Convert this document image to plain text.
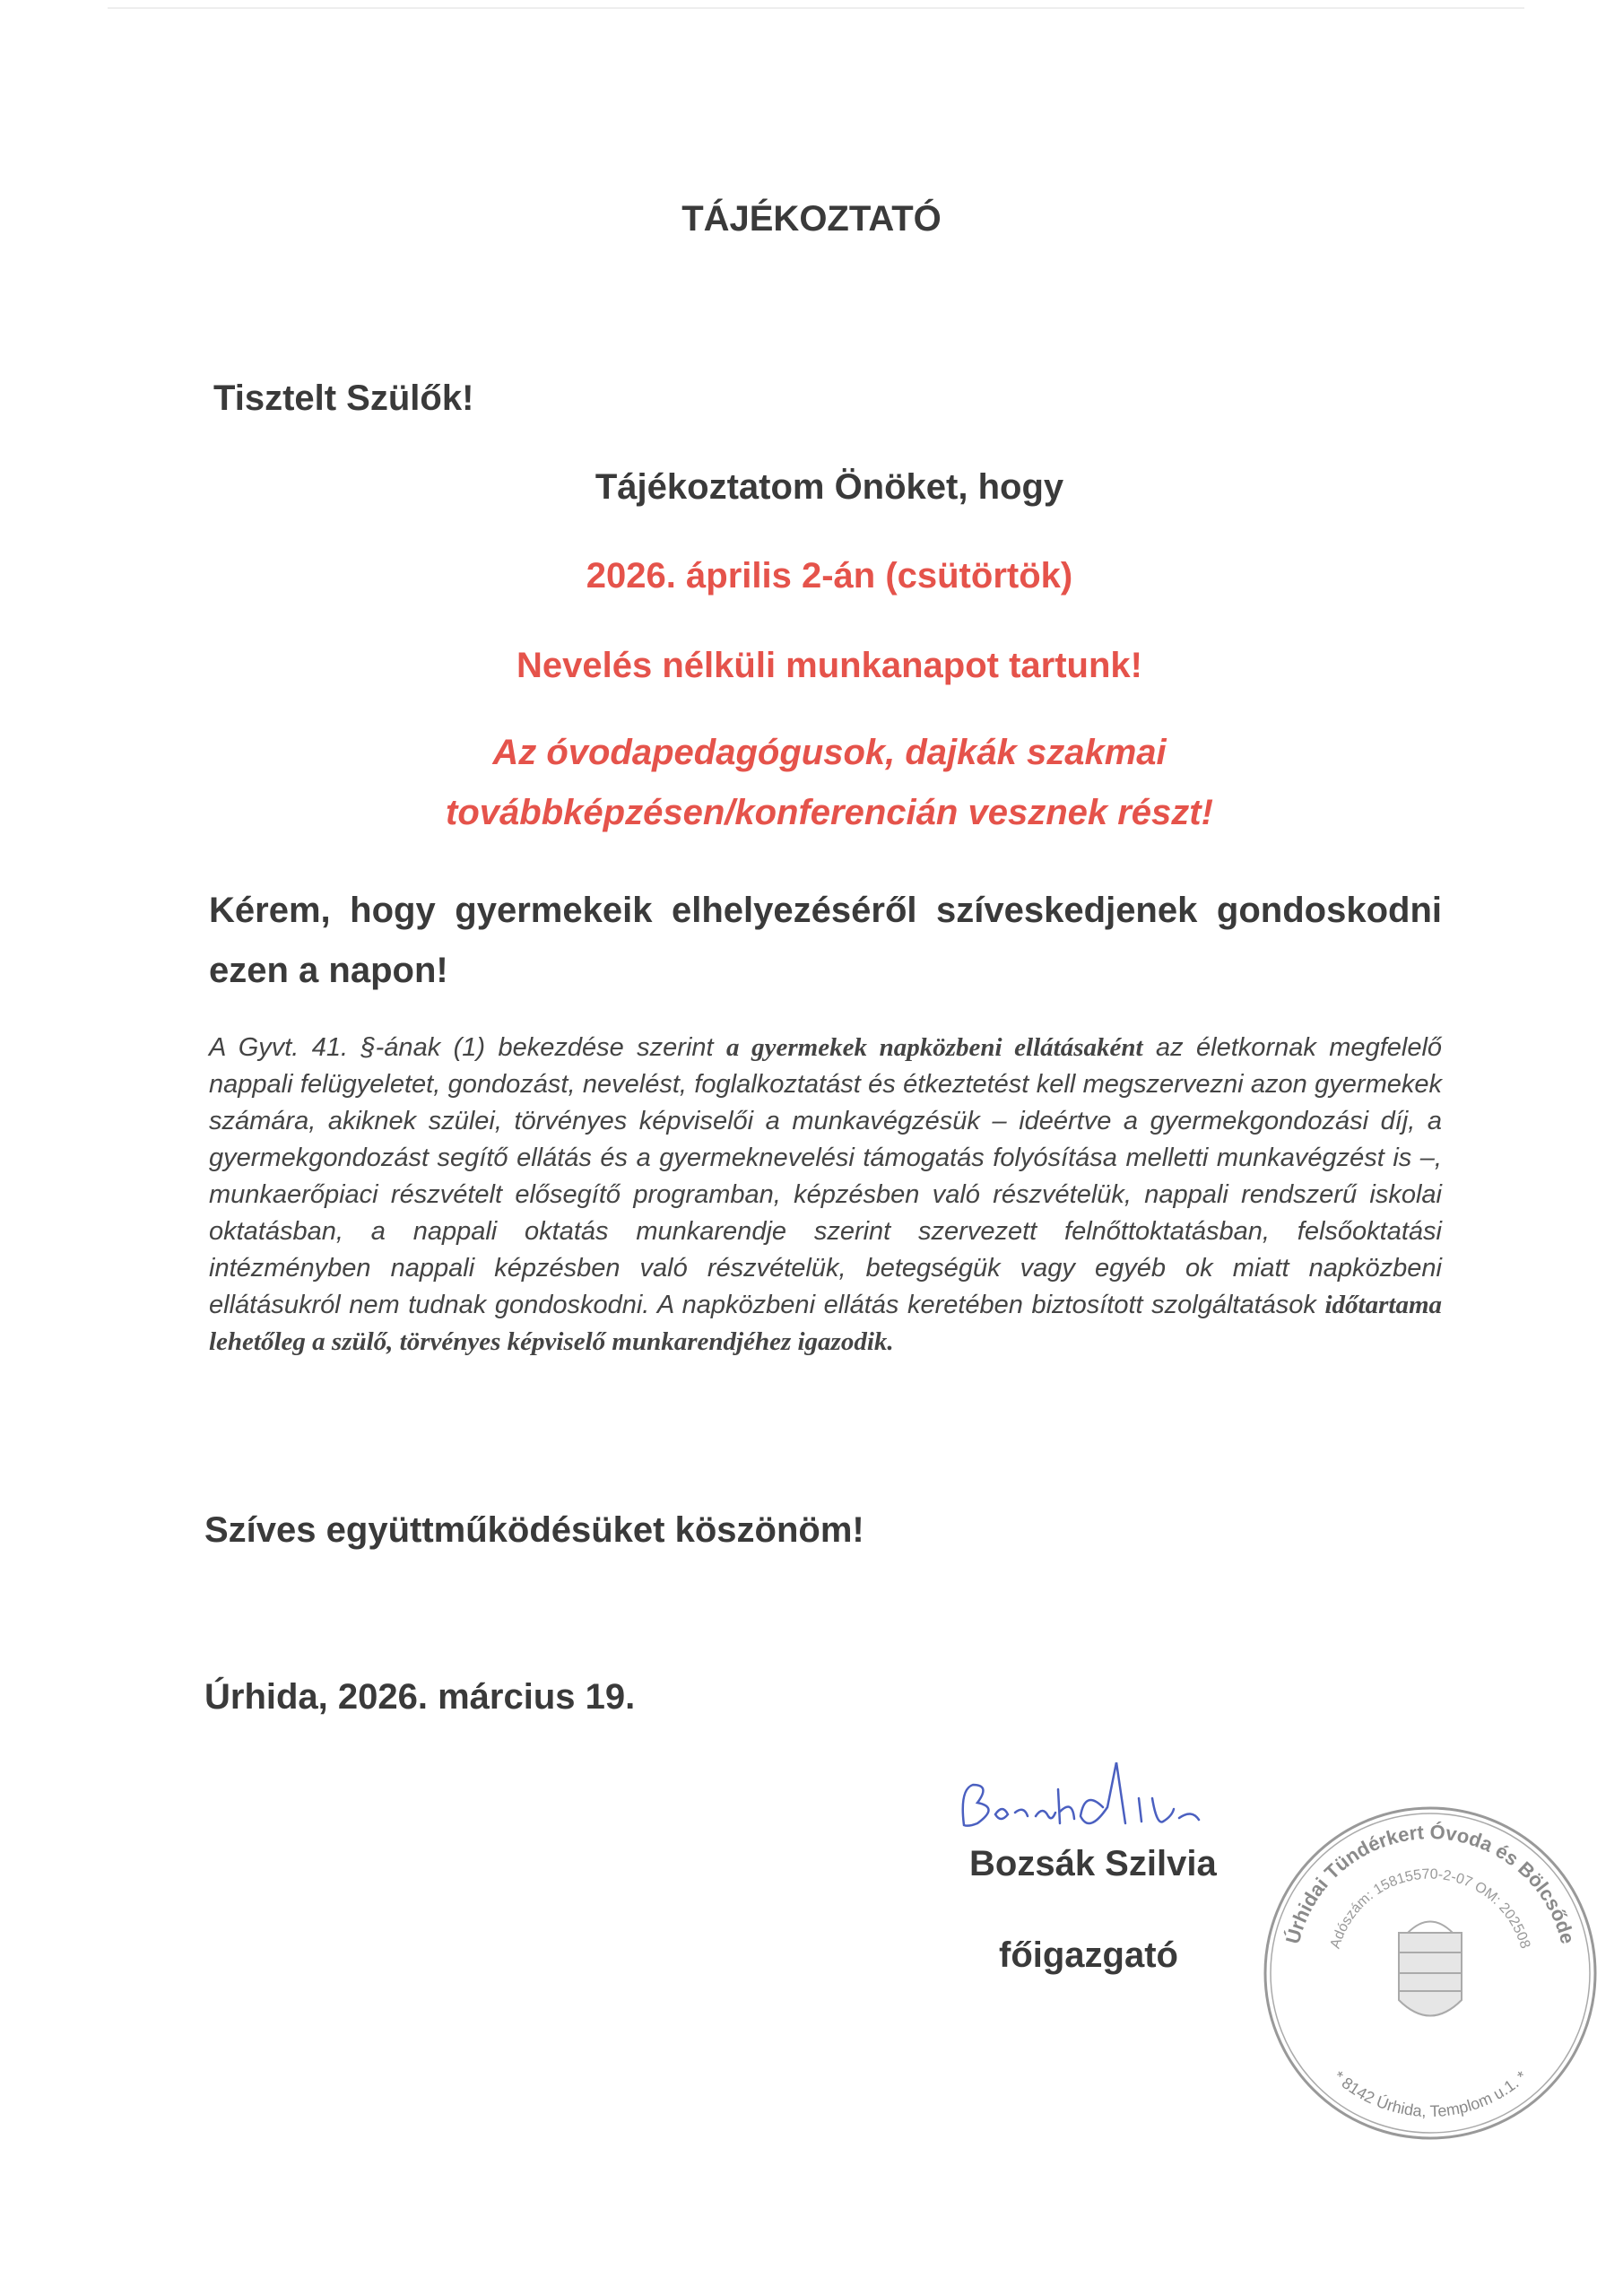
TÁJÉKOZTATÓ
Tisztelt Szülők!
Tájékoztatom Önöket, hogy
2026. április 2-án (csütörtök)
Nevelés nélküli munkanapot tartunk!
Az óvodapedagógusok, dajkák szakmai
továbbképzésen/konferencián vesznek részt!
Kérem, hogy gyermekeik elhelyezéséről szíveskedjenek gondoskodni ezen a napon!
A Gyvt. 41. §-ának (1) bekezdése szerint a gyermekek napközbeni ellátásaként az életkornak megfelelő nappali felügyeletet, gondozást, nevelést, foglalkoztatást és étkeztetést kell megszervezni azon gyermekek számára, akiknek szülei, törvényes képviselői a munkavégzésük – ideértve a gyermekgondozási díj, a gyermekgondozást segítő ellátás és a gyermeknevelési támogatás folyósítása melletti munkavégzést is –, munkaerőpiaci részvételt elősegítő programban, képzésben való részvételük, nappali rendszerű iskolai oktatásban, a nappali oktatás munkarendje szerint szervezett felnőttoktatásban, felsőoktatási intézményben nappali képzésben való részvételük, betegségük vagy egyéb ok miatt napközbeni ellátásukról nem tudnak gondoskodni. A napközbeni ellátás keretében biztosított szolgáltatások időtartama lehetőleg a szülő, törvényes képviselő munkarendjéhez igazodik.
Szíves együttműködésüket köszönöm!
Úrhida, 2026. március 19.
Úrhidai Tündérkert Óvoda és Bölcsőde
Adószám: 15815570-2-07 OM: 202508
* 8142 Úrhida, Templom u.1. *
Bozsák Szilvia
főigazgató
